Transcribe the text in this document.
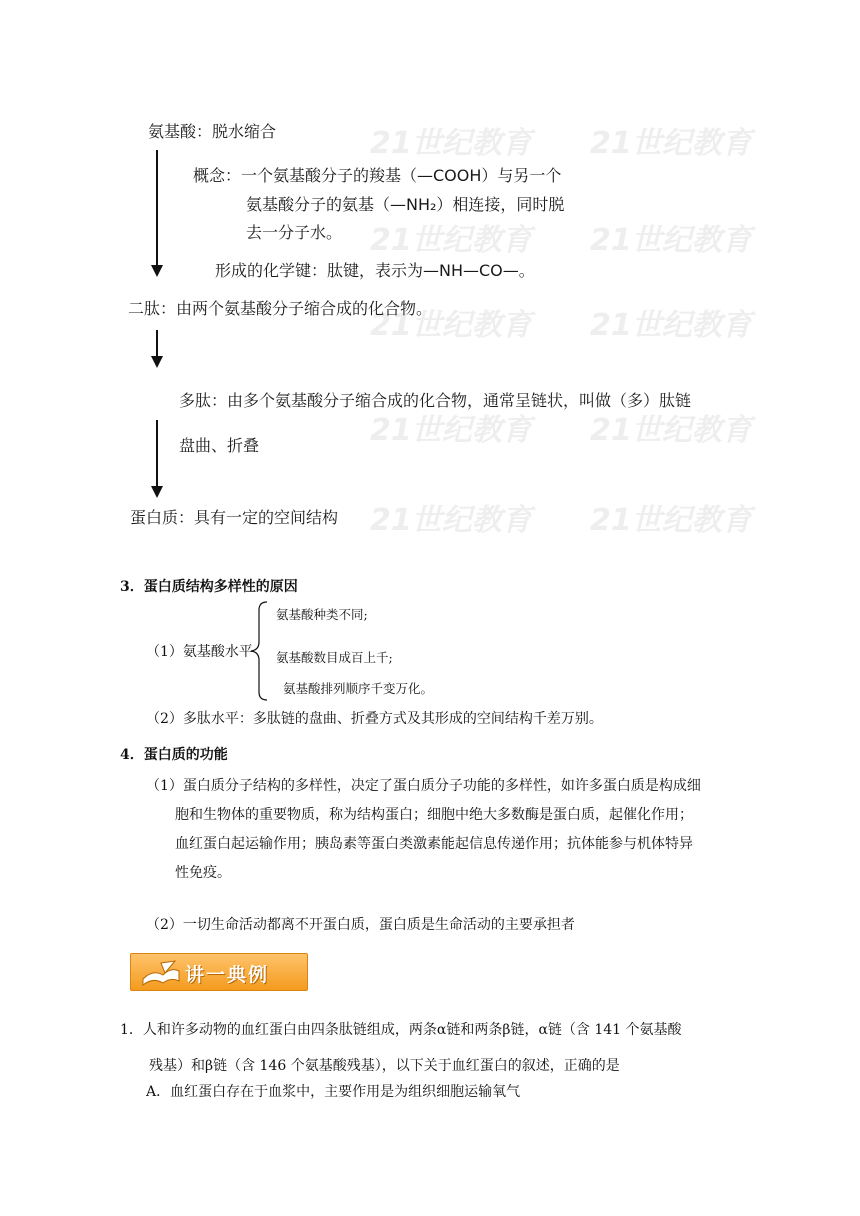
21世纪教育 21世纪教育
21世纪教育 21世纪教育
21世纪教育 21世纪教育
21世纪教育 21世纪教育
21世纪教育 21世纪教育
氨基酸：脱水缩合
概念：一个氨基酸分子的羧基（—COOH）与另一个
氨基酸分子的氨基（—NH₂）相连接，同时脱
去一分子水。
形成的化学键：肽键，表示为—NH—CO—。
二肽：由两个氨基酸分子缩合成的化合物。
多肽：由多个氨基酸分子缩合成的化合物，通常呈链状，叫做（多）肽链
盘曲、折叠
蛋白质：具有一定的空间结构
3．蛋白质结构多样性的原因
（1）氨基酸水平
氨基酸种类不同;
氨基酸数目成百上千;
氨基酸排列顺序千变万化。
（2）多肽水平：多肽链的盘曲、折叠方式及其形成的空间结构千差万别。
4．蛋白质的功能
（1）蛋白质分子结构的多样性，决定了蛋白质分子功能的多样性，如许多蛋白质是构成细
胞和生物体的重要物质，称为结构蛋白；细胞中绝大多数酶是蛋白质，起催化作用；
血红蛋白起运输作用；胰岛素等蛋白类激素能起信息传递作用；抗体能参与机体特异
性免疫。
（2）一切生命活动都离不开蛋白质，蛋白质是生命活动的主要承担者
讲一典例
1．人和许多动物的血红蛋白由四条肽链组成，两条α链和两条β链，α链（含 141 个氨基酸
残基）和β链（含 146 个氨基酸残基），以下关于血红蛋白的叙述，正确的是
A．血红蛋白存在于血浆中，主要作用是为组织细胞运输氧气
